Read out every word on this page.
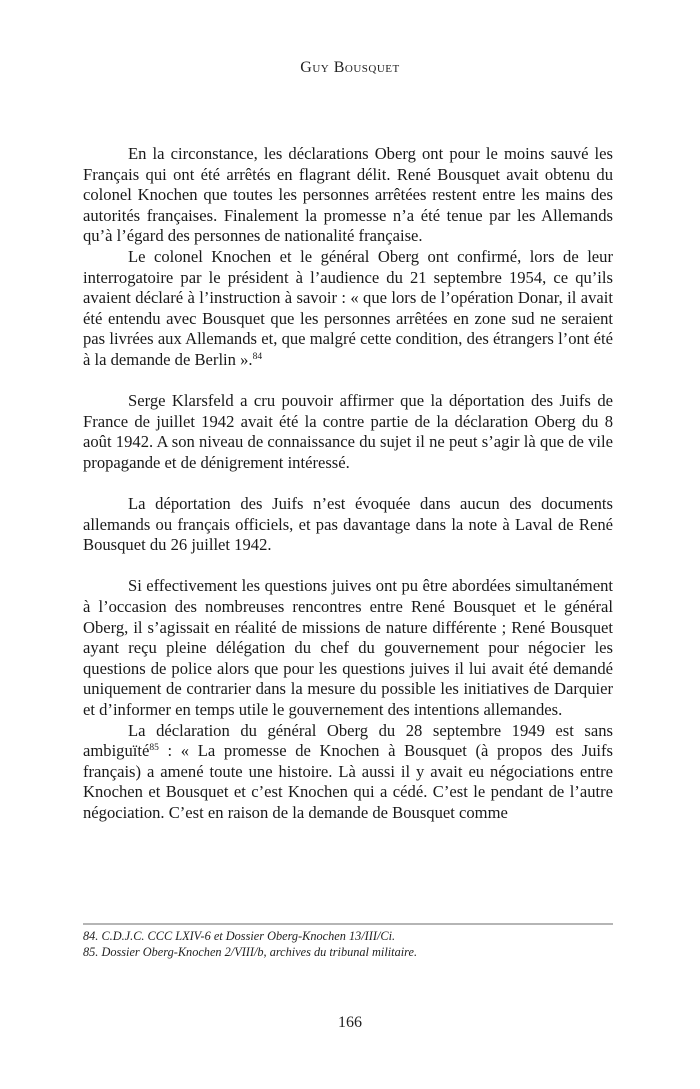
Guy Bousquet

En la circonstance, les déclarations Oberg ont pour le moins sauvé les Français qui ont été arrêtés en flagrant délit. René Bousquet avait obtenu du colonel Knochen que toutes les personnes arrêtées restent entre les mains des autorités françaises. Finalement la promesse n’a été tenue par les Allemands qu’à l’égard des personnes de nationalité française.

Le colonel Knochen et le général Oberg ont confirmé, lors de leur interrogatoire par le président à l’audience du 21 septembre 1954, ce qu’ils avaient déclaré à l’instruction à savoir : « que lors de l’opération Donar, il avait été entendu avec Bousquet que les personnes arrêtées en zone sud ne seraient pas livrées aux Allemands et, que malgré cette condition, des étrangers l’ont été à la demande de Berlin ».$^{84}$

Serge Klarsfeld a cru pouvoir affirmer que la déportation des Juifs de France de juillet 1942 avait été la contre partie de la déclaration Oberg du 8 août 1942. A son niveau de connaissance du sujet il ne peut s’agir là que de vile propagande et de dénigrement intéressé.

La déportation des Juifs n’est évoquée dans aucun des documents allemands ou français officiels, et pas davantage dans la note à Laval de René Bousquet du 26 juillet 1942.

Si effectivement les questions juives ont pu être abordées simultanément à l’occasion des nombreuses rencontres entre René Bousquet et le général Oberg, il s’agissait en réalité de missions de nature différente ; René Bousquet ayant reçu pleine délégation du chef du gouvernement pour négocier les questions de police alors que pour les questions juives il lui avait été demandé uniquement de contrarier dans la mesure du possible les initiatives de Darquier et d’informer en temps utile le gouvernement des intentions allemandes.

La déclaration du général Oberg du 28 septembre 1949 est sans ambiguïté$^{85}$ : « La promesse de Knochen à Bousquet (à propos des Juifs français) a amené toute une histoire. Là aussi il y avait eu négociations entre Knochen et Bousquet et c’est Knochen qui a cédé. C’est le pendant de l’autre négociation. C’est en raison de la demande de Bousquet comme

84. C.D.J.C. CCC LXIV-6 et Dossier Oberg-Knochen 13/III/Ci.
85. Dossier Oberg-Knochen 2/VIII/b, archives du tribunal militaire.
166
